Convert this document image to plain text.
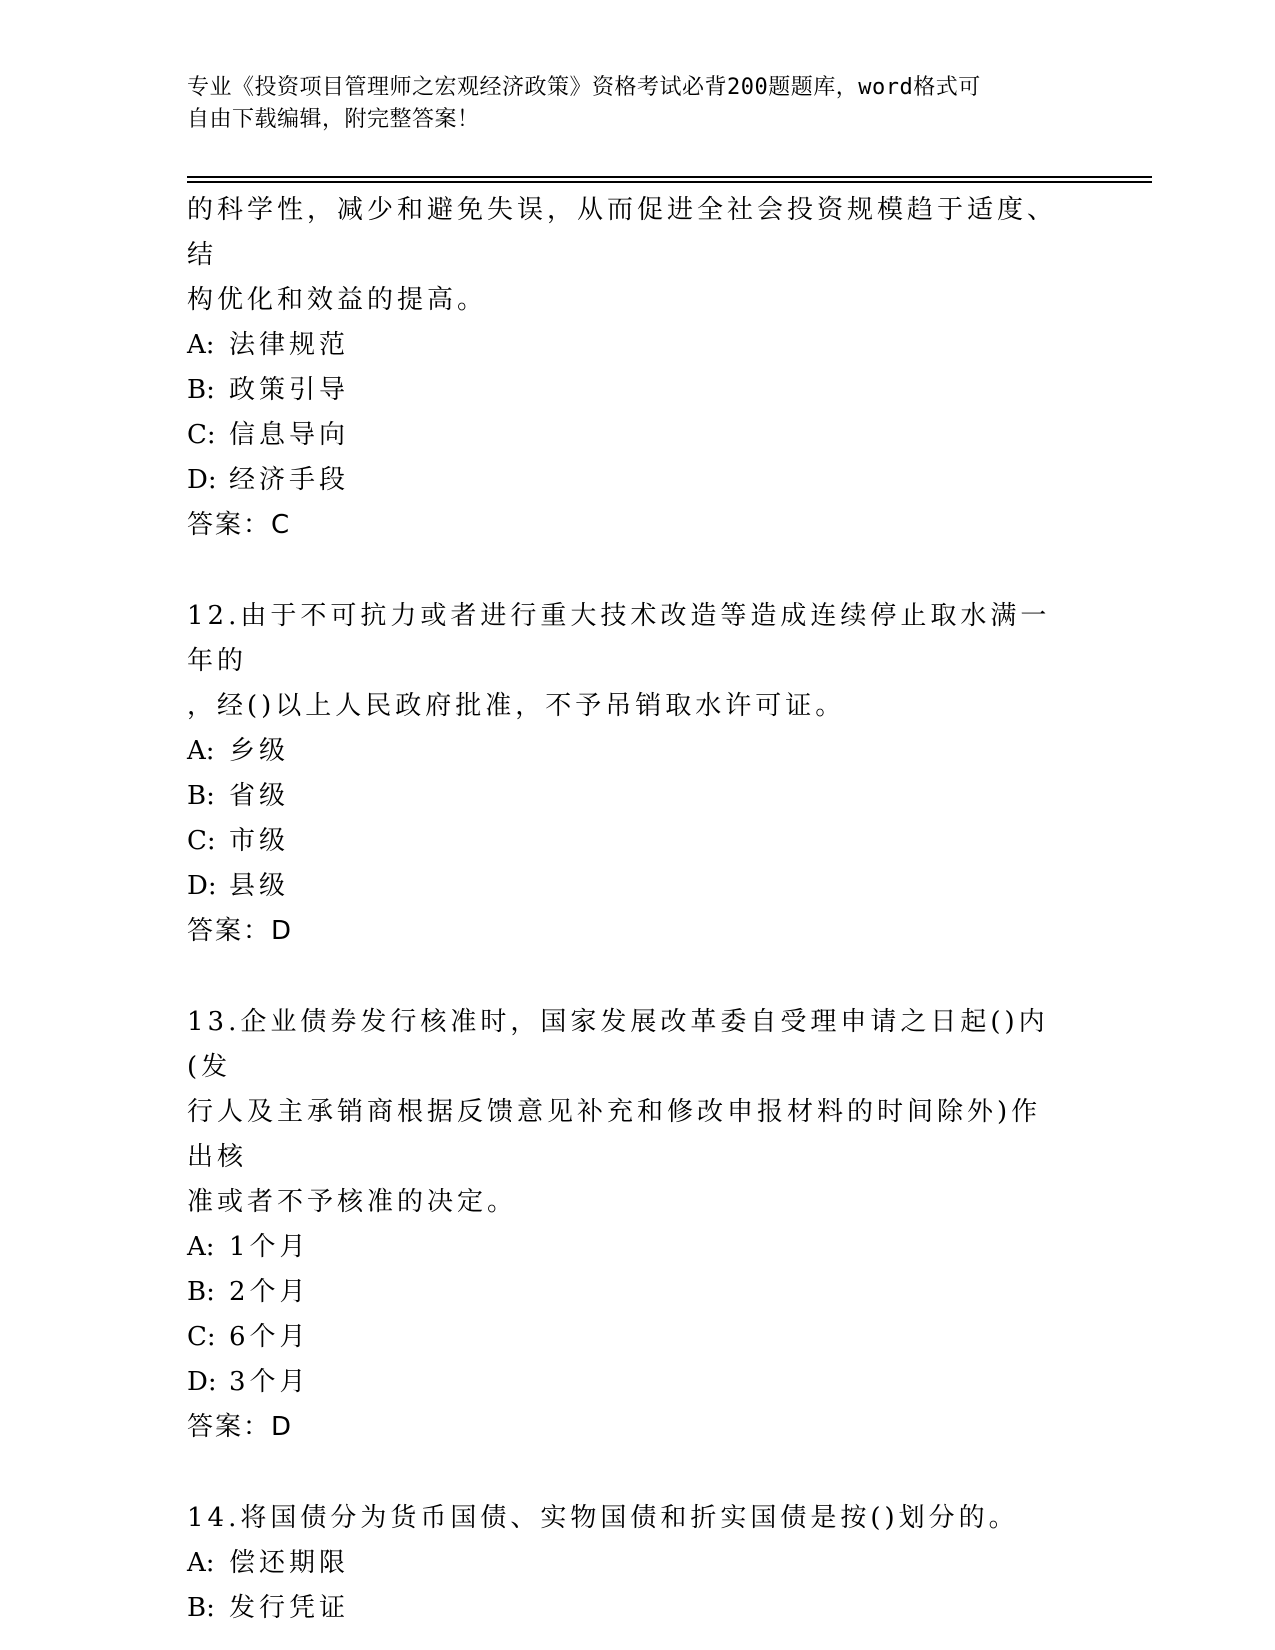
专业《投资项目管理师之宏观经济政策》资格考试必背200题题库，word格式可
自由下载编辑，附完整答案！

的科学性，减少和避免失误，从而促进全社会投资规模趋于适度、结

构优化和效益的提高。

A: 法律规范

B: 政策引导

C: 信息导向

D: 经济手段

答案：C

12.由于不可抗力或者进行重大技术改造等造成连续停止取水满一年的

，经()以上人民政府批准，不予吊销取水许可证。

A: 乡级

B: 省级

C: 市级

D: 县级

答案：D

13.企业债券发行核准时，国家发展改革委自受理申请之日起()内(发

行人及主承销商根据反馈意见补充和修改申报材料的时间除外)作出核

准或者不予核准的决定。

A: 1个月

B: 2个月

C: 6个月

D: 3个月

答案：D

14.将国债分为货币国债、实物国债和折实国债是按()划分的。

A: 偿还期限

B: 发行凭证
